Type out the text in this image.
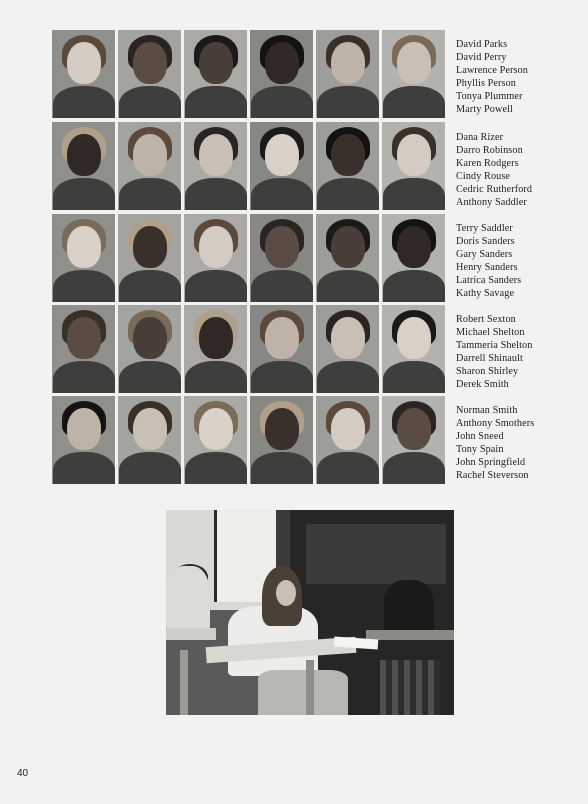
David Parks
David Perry
Lawrence Person
Phyllis Person
Tonya Plummer
Marty Powell
Dana Rizer
Darro Robinson
Karen Rodgers
Cindy Rouse
Cedric Rutherford
Anthony Saddler
Terry Saddler
Doris Sanders
Gary Sanders
Henry Sanders
Latrica Sanders
Kathy Savage
Robert Sexton
Michael Shelton
Tammeria Shelton
Darrell Shinault
Sharon Shirley
Derek Smith
Norman Smith
Anthony Smothers
John Sneed
Tony Spain
John Springfield
Rachel Steverson
40
